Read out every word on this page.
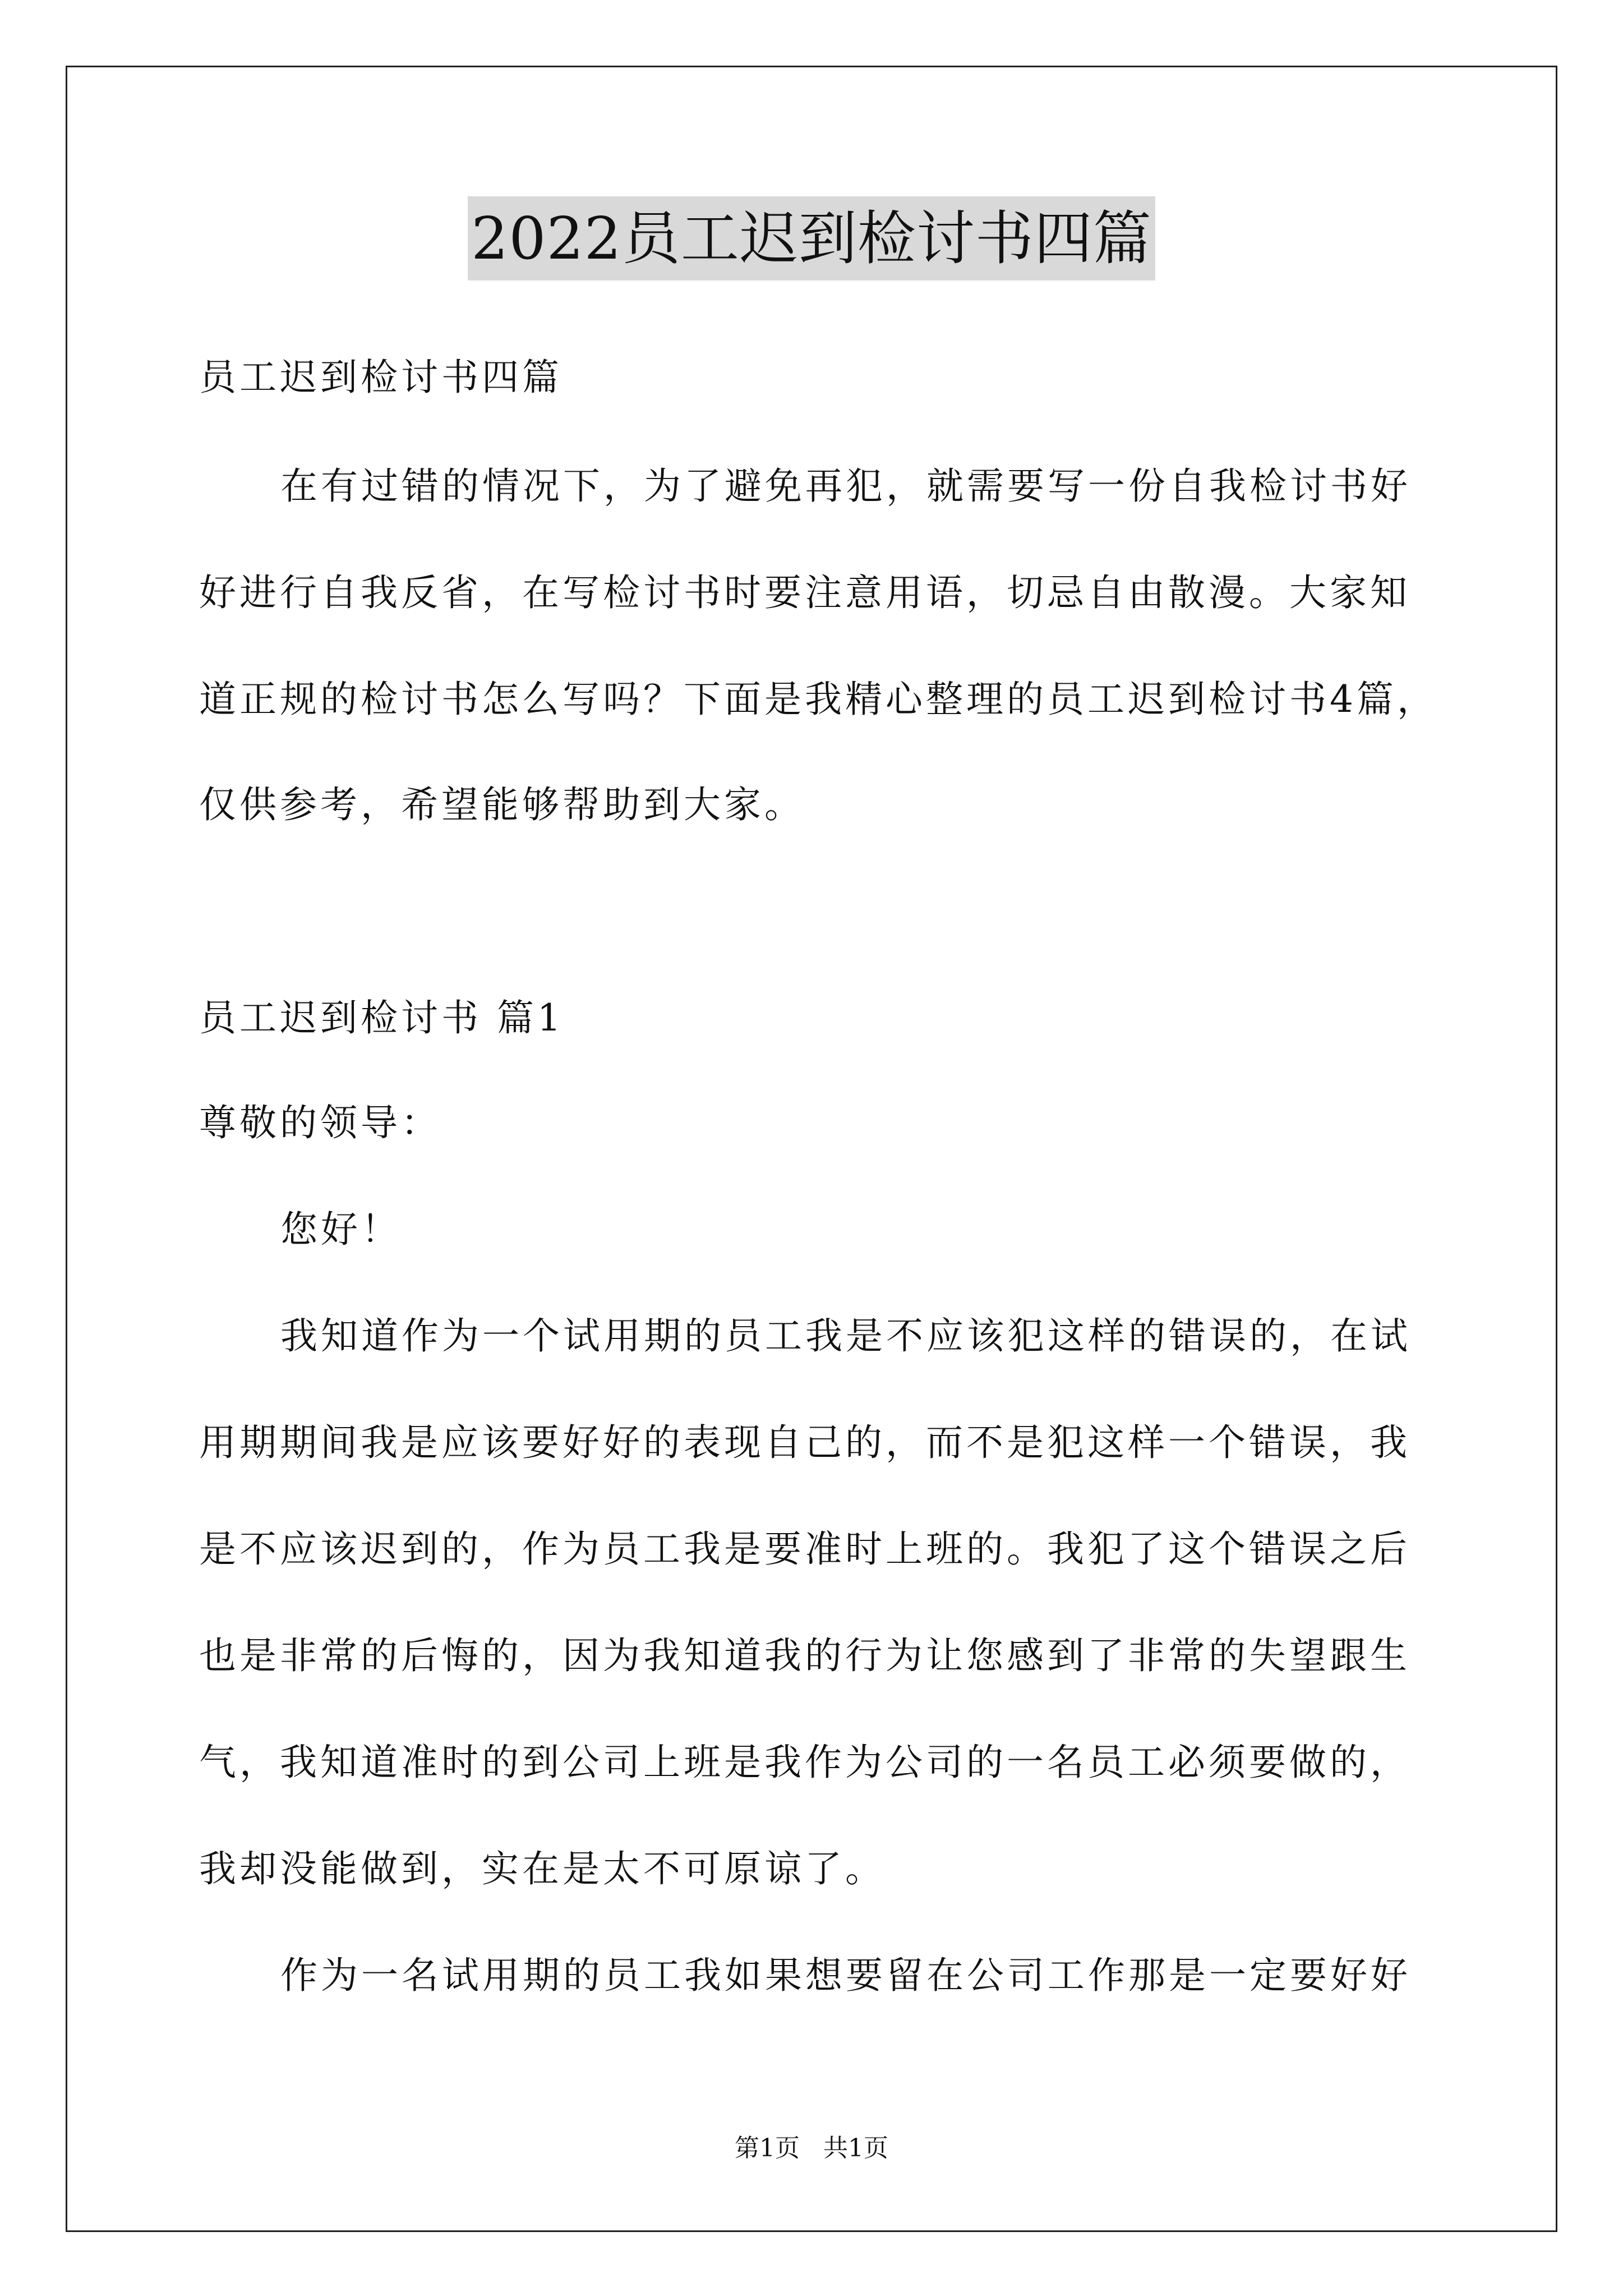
2022员工迟到检讨书四篇
员工迟到检讨书四篇
在有过错的情况下，为了避免再犯，就需要写一份自我检讨书好
好进行自我反省，在写检讨书时要注意用语，切忌自由散漫。大家知
道正规的检讨书怎么写吗？下面是我精心整理的员工迟到检讨书4篇，
仅供参考，希望能够帮助到大家。
员工迟到检讨书 篇1
尊敬的领导：
您好！
我知道作为一个试用期的员工我是不应该犯这样的错误的，在试
用期期间我是应该要好好的表现自己的，而不是犯这样一个错误，我
是不应该迟到的，作为员工我是要准时上班的。我犯了这个错误之后
也是非常的后悔的，因为我知道我的行为让您感到了非常的失望跟生
气，我知道准时的到公司上班是我作为公司的一名员工必须要做的，
我却没能做到，实在是太不可原谅了。
作为一名试用期的员工我如果想要留在公司工作那是一定要好好
第1页   共1页
